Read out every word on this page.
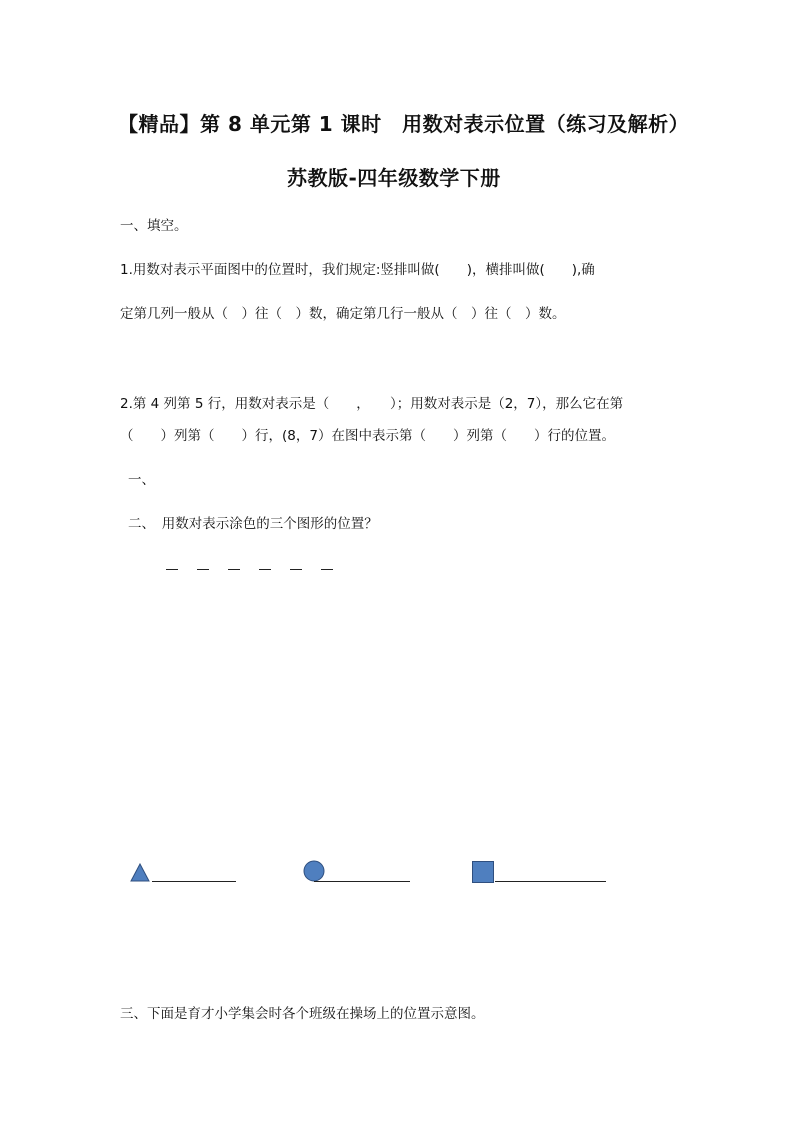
【精品】第 8 单元第 1 课时　用数对表示位置（练习及解析）
苏教版-四年级数学下册
一、填空。
1.用数对表示平面图中的位置时，我们规定:竖排叫做(　　)，横排叫做(　　),确
定第几列一般从（　）往（　）数，确定第几行一般从（　）往（　）数。
2.第 4 列第 5 行，用数对表示是（　　，　　）；用数对表示是（2，7），那么它在第
（　　）列第（　　）行，(8，7）在图中表示第（　　）列第（　　）行的位置。
一、
二、　用数对表示涂色的三个图形的位置？
三、下面是育才小学集会时各个班级在操场上的位置示意图。
